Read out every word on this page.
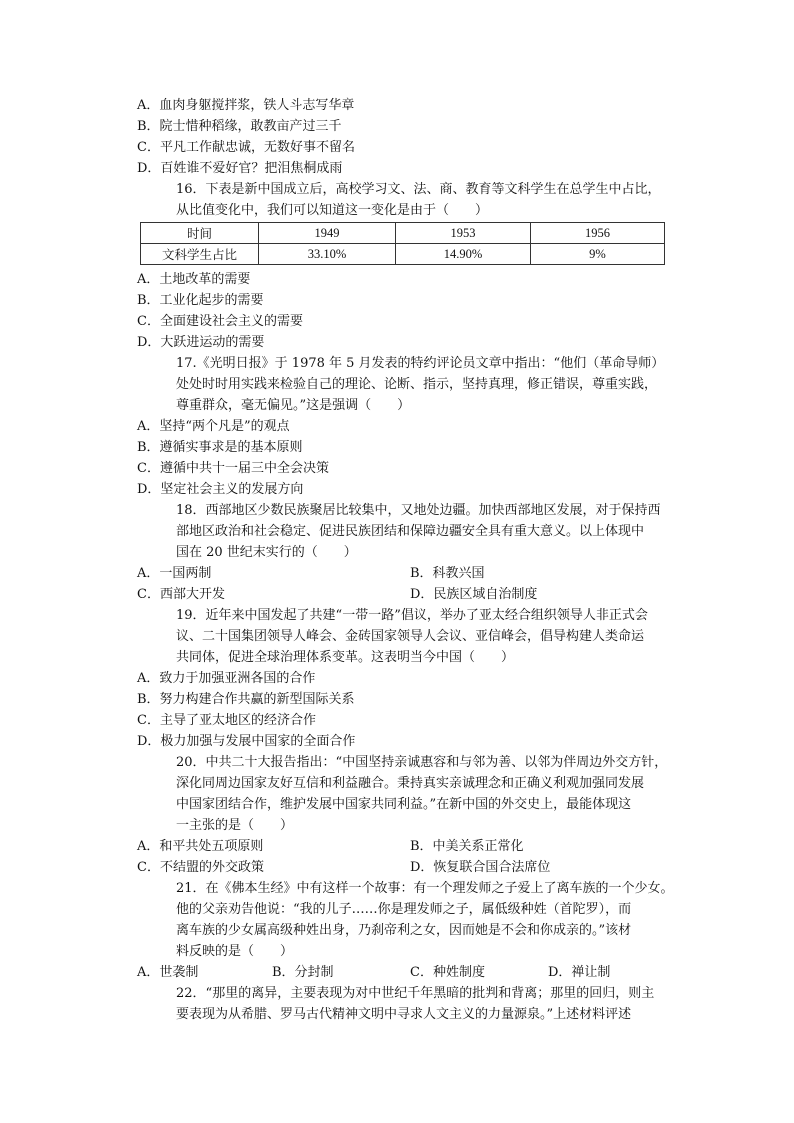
A．血肉身躯搅拌浆，铁人斗志写华章
B．院士惜种稻缘，敢教亩产过三千
C．平凡工作献忠诚，无数好事不留名
D．百姓谁不爱好官？把泪焦桐成雨
16．下表是新中国成立后，高校学习文、法、商、教育等文科学生在总学生中占比，
从比值变化中，我们可以知道这一变化是由于（　　）
时间	1949	1953	1956
文科学生占比	33.10%	14.90%	9%
A．土地改革的需要
B．工业化起步的需要
C．全面建设社会主义的需要
D．大跃进运动的需要
17.《光明日报》于 1978 年 5 月发表的特约评论员文章中指出：“他们（革命导师）
处处时时用实践来检验自己的理论、论断、指示，坚持真理，修正错误，尊重实践，
尊重群众，毫无偏见。”这是强调（　　）
A．坚持“两个凡是”的观点
B．遵循实事求是的基本原则
C．遵循中共十一届三中全会决策
D．坚定社会主义的发展方向
18．西部地区少数民族聚居比较集中，又地处边疆。加快西部地区发展，对于保持西
部地区政治和社会稳定、促进民族团结和保障边疆安全具有重大意义。以上体现中
国在 20 世纪末实行的（　　）
A．一国两制	B．科教兴国
C．西部大开发	D．民族区域自治制度
19．近年来中国发起了共建“一带一路”倡议，举办了亚太经合组织领导人非正式会
议、二十国集团领导人峰会、金砖国家领导人会议、亚信峰会，倡导构建人类命运
共同体，促进全球治理体系变革。这表明当今中国（　　）
A．致力于加强亚洲各国的合作
B．努力构建合作共赢的新型国际关系
C．主导了亚太地区的经济合作
D．极力加强与发展中国家的全面合作
20．中共二十大报告指出：“中国坚持亲诚惠容和与邻为善、以邻为伴周边外交方针，
深化同周边国家友好互信和利益融合。秉持真实亲诚理念和正确义利观加强同发展
中国家团结合作，维护发展中国家共同利益。”在新中国的外交史上，最能体现这
一主张的是（　　）
A．和平共处五项原则	B．中美关系正常化
C．不结盟的外交政策	D．恢复联合国合法席位
21．在《佛本生经》中有这样一个故事：有一个理发师之子爱上了离车族的一个少女。
他的父亲劝告他说：“我的儿子……你是理发师之子，属低级种姓（首陀罗），而
离车族的少女属高级种姓出身，乃刹帝利之女，因而她是不会和你成亲的。”该材
料反映的是（　　）
A．世袭制	B．分封制	C．种姓制度	D．禅让制
22．“那里的离异，主要表现为对中世纪千年黑暗的批判和背离；那里的回归，则主
要表现为从希腊、罗马古代精神文明中寻求人文主义的力量源泉。”上述材料评述
